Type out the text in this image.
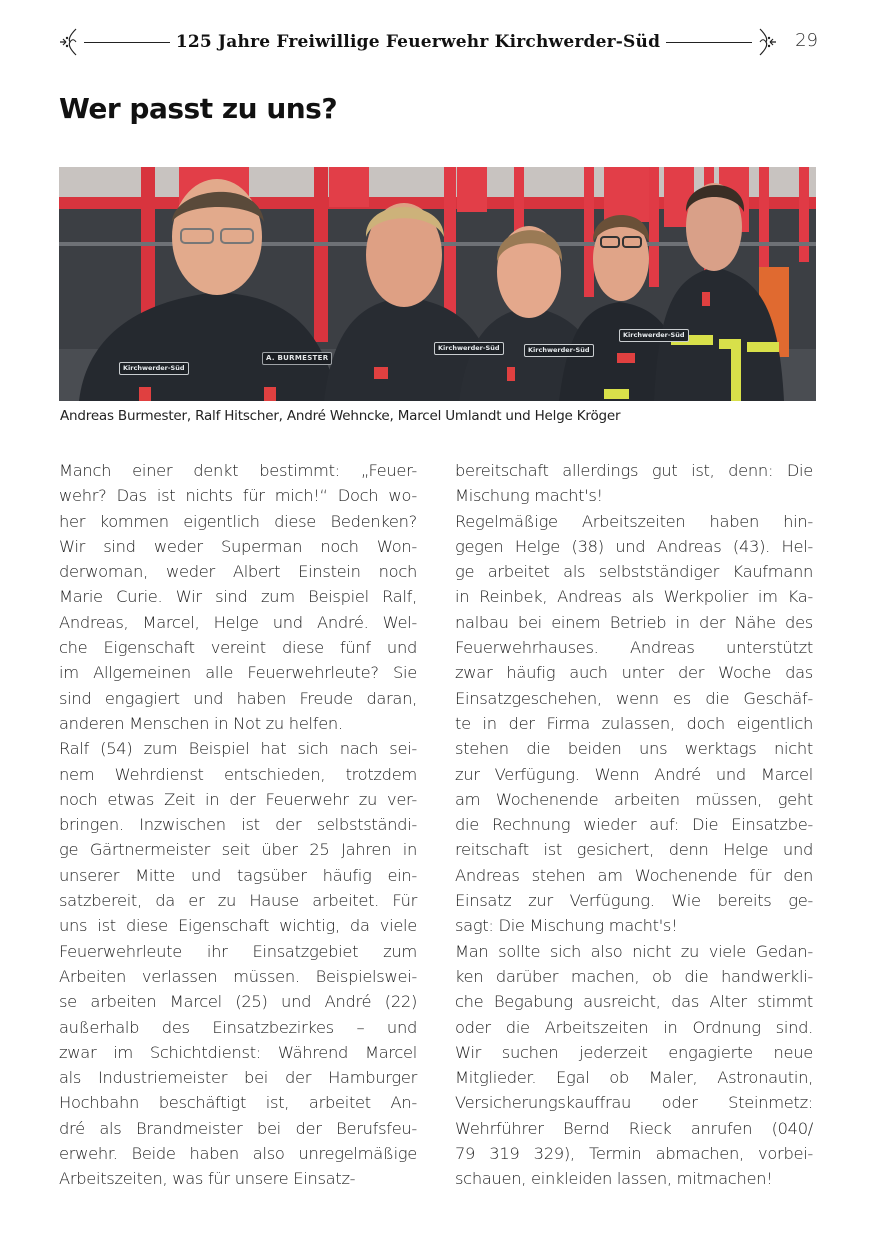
125 Jahre Freiwillige Feuerwehr Kirchwerder-Süd	29
Wer passt zu uns?
Kirchwerder-Süd
A. BURMESTER
Kirchwerder-Süd	Kirchwerder-Süd
Kirchwerder-Süd
Andreas Burmester, Ralf Hitscher, André Wehncke, Marcel Umlandt und Helge Kröger
Manch einer denkt bestimmt: „Feuer-
wehr? Das ist nichts für mich!“ Doch wo-
her kommen eigentlich diese Bedenken?
Wir sind weder Superman noch Won-
derwoman, weder Albert Einstein noch
Marie Curie. Wir sind zum Beispiel Ralf,
Andreas, Marcel, Helge und André. Wel-
che Eigenschaft vereint diese fünf und
im Allgemeinen alle Feuerwehrleute? Sie
sind engagiert und haben Freude daran,
anderen Menschen in Not zu helfen.
Ralf (54) zum Beispiel hat sich nach sei-
nem Wehrdienst entschieden, trotzdem
noch etwas Zeit in der Feuerwehr zu ver-
bringen. Inzwischen ist der selbstständi-
ge Gärtnermeister seit über 25 Jahren in
unserer Mitte und tagsüber häufig ein-
satzbereit, da er zu Hause arbeitet. Für
uns ist diese Eigenschaft wichtig, da viele
Feuerwehrleute ihr Einsatzgebiet zum
Arbeiten verlassen müssen. Beispielswei-
se arbeiten Marcel (25) und André (22)
außerhalb des Einsatzbezirkes – und
zwar im Schichtdienst: Während Marcel
als Industriemeister bei der Hamburger
Hochbahn beschäftigt ist, arbeitet An-
dré als Brandmeister bei der Berufsfeu-
erwehr. Beide haben also unregelmäßige
Arbeitszeiten, was für unsere Einsatz-
bereitschaft allerdings gut ist, denn: Die
Mischung macht's!
Regelmäßige Arbeitszeiten haben hin-
gegen Helge (38) und Andreas (43). Hel-
ge arbeitet als selbstständiger Kaufmann
in Reinbek, Andreas als Werkpolier im Ka-
nalbau bei einem Betrieb in der Nähe des
Feuerwehrhauses. Andreas unterstützt
zwar häufig auch unter der Woche das
Einsatzgeschehen, wenn es die Geschäf-
te in der Firma zulassen, doch eigentlich
stehen die beiden uns werktags nicht
zur Verfügung. Wenn André und Marcel
am Wochenende arbeiten müssen, geht
die Rechnung wieder auf: Die Einsatzbe-
reitschaft ist gesichert, denn Helge und
Andreas stehen am Wochenende für den
Einsatz zur Verfügung. Wie bereits ge-
sagt: Die Mischung macht's!
Man sollte sich also nicht zu viele Gedan-
ken darüber machen, ob die handwerkli-
che Begabung ausreicht, das Alter stimmt
oder die Arbeitszeiten in Ordnung sind.
Wir suchen jederzeit engagierte neue
Mitglieder. Egal ob Maler, Astronautin,
Versicherungskauffrau oder Steinmetz:
Wehrführer Bernd Rieck anrufen (040/
79 319 329), Termin abmachen, vorbei-
schauen, einkleiden lassen, mitmachen!
